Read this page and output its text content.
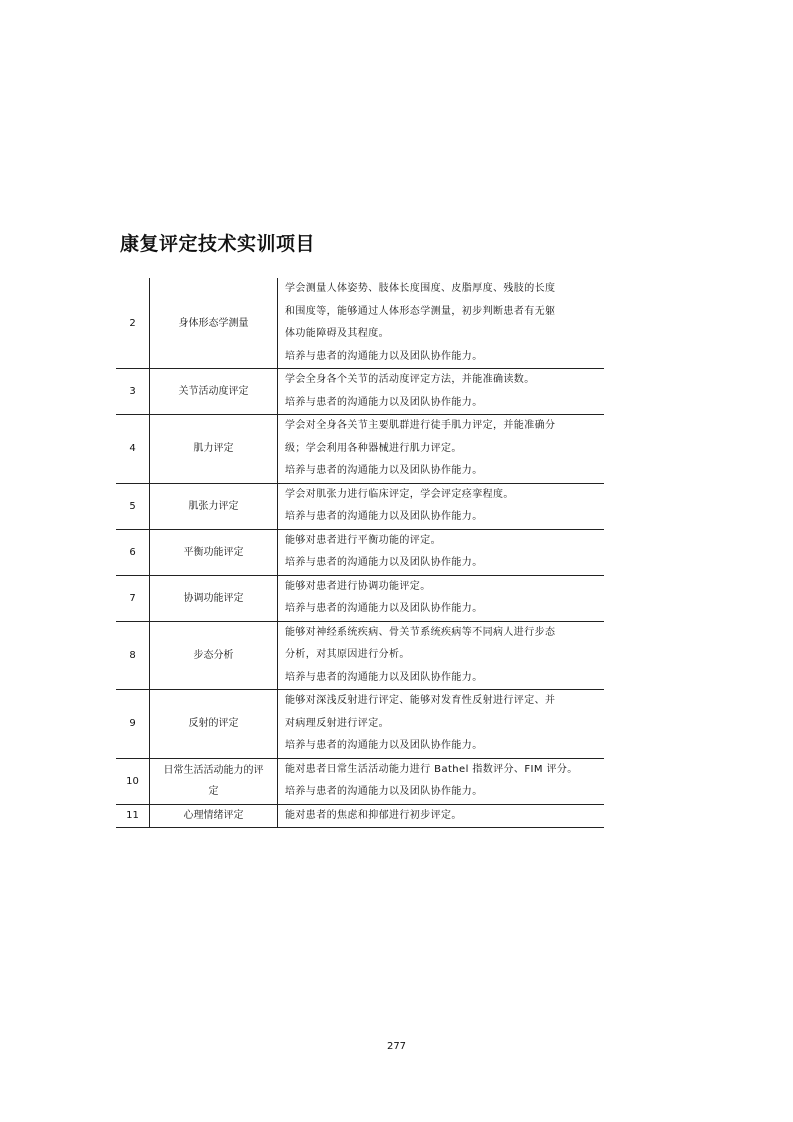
康复评定技术实训项目
2	身体形态学测量	学会测量人体姿势、肢体长度围度、皮脂厚度、残肢的长度
和围度等，能够通过人体形态学测量，初步判断患者有无躯
体功能障碍及其程度。
培养与患者的沟通能力以及团队协作能力。

3	关节活动度评定	学会全身各个关节的活动度评定方法，并能准确读数。
培养与患者的沟通能力以及团队协作能力。

4	肌力评定	学会对全身各关节主要肌群进行徒手肌力评定，并能准确分
级；学会利用各种器械进行肌力评定。
培养与患者的沟通能力以及团队协作能力。

5	肌张力评定	学会对肌张力进行临床评定，学会评定痉挛程度。
培养与患者的沟通能力以及团队协作能力。

6	平衡功能评定	能够对患者进行平衡功能的评定。
培养与患者的沟通能力以及团队协作能力。

7	协调功能评定	能够对患者进行协调功能评定。
培养与患者的沟通能力以及团队协作能力。

8	步态分析	能够对神经系统疾病、骨关节系统疾病等不同病人进行步态
分析，对其原因进行分析。
培养与患者的沟通能力以及团队协作能力。

9	反射的评定	能够对深浅反射进行评定、能够对发育性反射进行评定、并
对病理反射进行评定。
培养与患者的沟通能力以及团队协作能力。

10	日常生活活动能力的评定	能对患者日常生活活动能力进行 Bathel 指数评分、FIM 评分。
培养与患者的沟通能力以及团队协作能力。

11	心理情绪评定	能对患者的焦虑和抑郁进行初步评定。
277
